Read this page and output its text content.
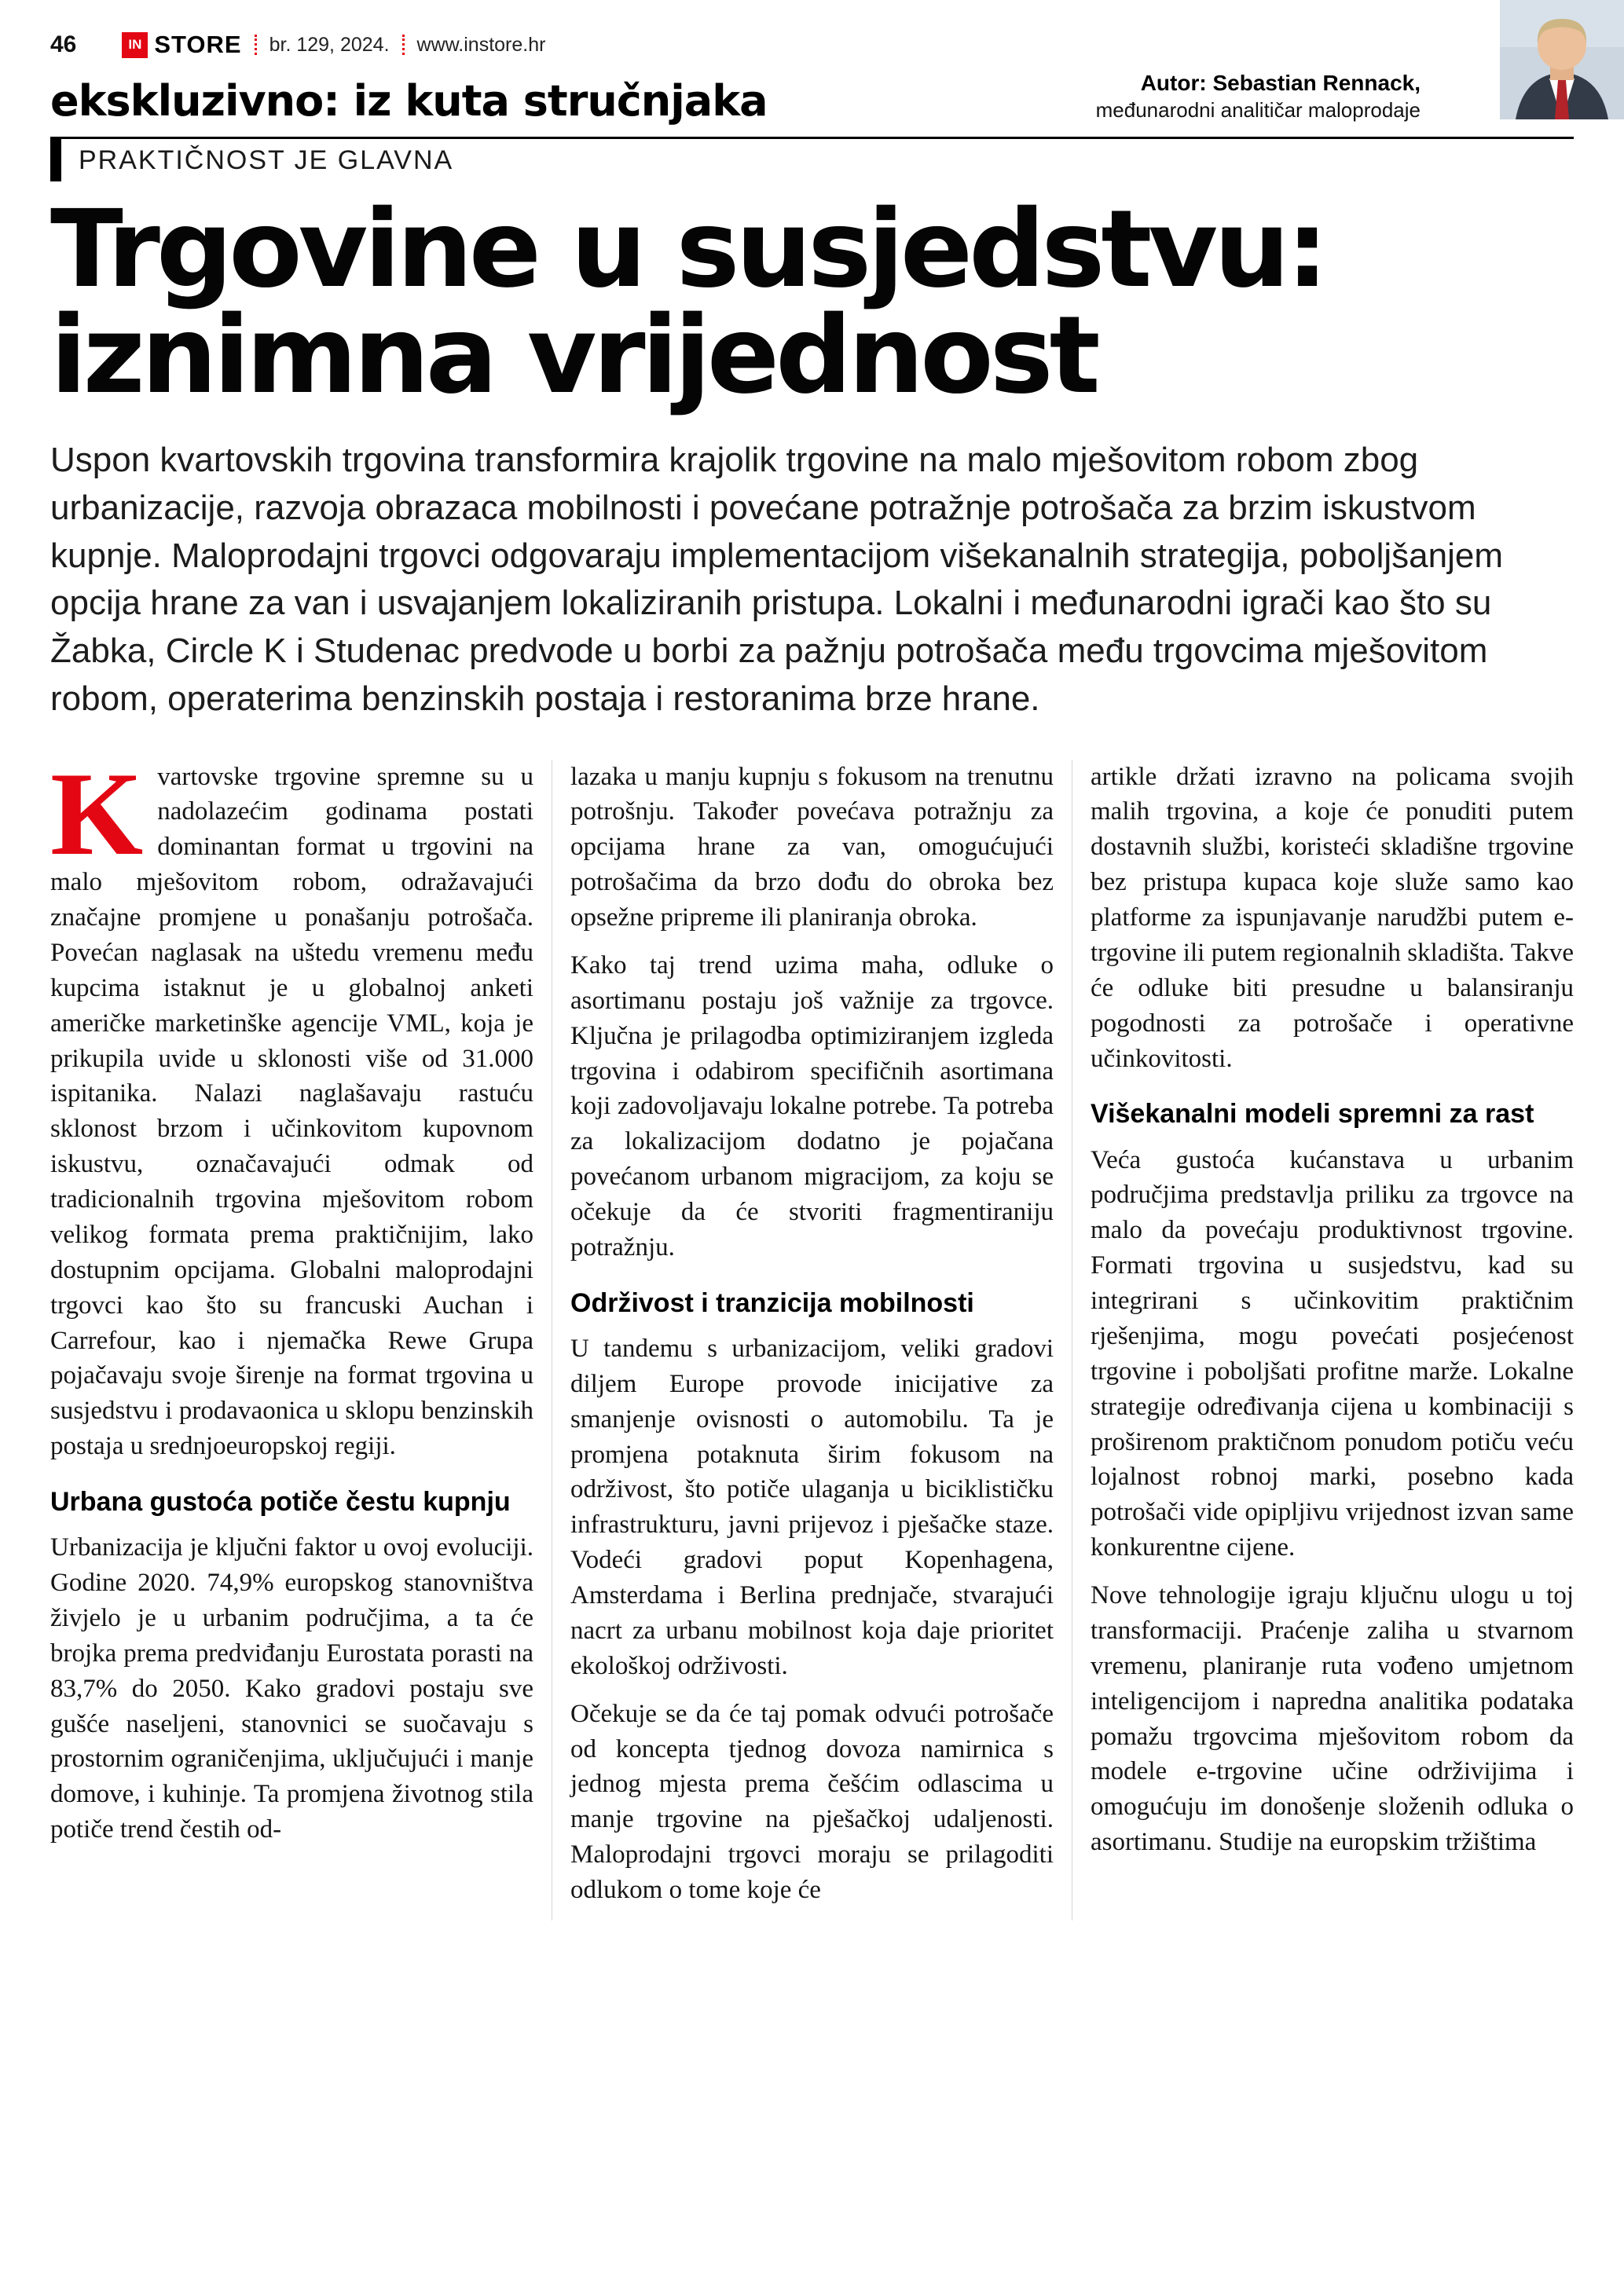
46	IN STORE br. 129, 2024. www.instore.hr
ekskluzivno: iz kuta stručnjaka	Autor: Sebastian Rennack,
međunarodni analitičar maloprodaje
PRAKTIČNOST JE GLAVNA
Trgovine u susjedstvu:
iznimna vrijednost

Uspon kvartovskih trgovina transformira krajolik trgovine na malo mješovitom robom zbog urbanizacije, razvoja obrazaca mobilnosti i povećane potražnje potrošača za brzim iskustvom kupnje. Maloprodajni trgovci odgovaraju implementacijom višekanalnih strategija, poboljšanjem opcija hrane za van i usvajanjem lokaliziranih pristupa. Lokalni i međunarodni igrači kao što su Žabka, Circle K i Studenac predvode u borbi za pažnju potrošača među trgovcima mješovitom robom, operaterima benzinskih postaja i restoranima brze hrane.

Kvartovske trgovine spremne su u nadolazećim godinama postati dominantan format u trgovini na malo mješovitom robom, odražavajući značajne promjene u ponašanju potrošača. Povećan naglasak na uštedu vremenu među kupcima istaknut je u globalnoj anketi američke marketinške agencije VML, koja je prikupila uvide u sklonosti više od 31.000 ispitanika. Nalazi naglašavaju rastuću sklonost brzom i učinkovitom kupovnom iskustvu, označavajući odmak od tradicionalnih trgovina mješovitom robom velikog formata prema praktičnijim, lako dostupnim opcijama. Globalni maloprodajni trgovci kao što su francuski Auchan i Carrefour, kao i njemačka Rewe Grupa pojačavaju svoje širenje na format trgovina u susjedstvu i prodavaonica u sklopu benzinskih postaja u srednjoeuropskoj regiji.

Urbana gustoća potiče čestu kupnju

Urbanizacija je ključni faktor u ovoj evoluciji. Godine 2020. 74,9% europskog stanovništva živjelo je u urbanim područjima, a ta će brojka prema predviđanju Eurostata porasti na 83,7% do 2050. Kako gradovi postaju sve gušće naseljeni, stanovnici se suočavaju s prostornim ograničenjima, uključujući i manje domove, i kuhinje. Ta promjena životnog stila potiče trend čestih od-

lazaka u manju kupnju s fokusom na trenutnu potrošnju. Također povećava potražnju za opcijama hrane za van, omogućujući potrošačima da brzo dođu do obroka bez opsežne pripreme ili planiranja obroka.

Kako taj trend uzima maha, odluke o asortimanu postaju još važnije za trgovce. Ključna je prilagodba optimiziranjem izgleda trgovina i odabirom specifičnih asortimana koji zadovoljavaju lokalne potrebe. Ta potreba za lokalizacijom dodatno je pojačana povećanom urbanom migracijom, za koju se očekuje da će stvoriti fragmentiraniju potražnju.

Održivost i tranzicija mobilnosti

U tandemu s urbanizacijom, veliki gradovi diljem Europe provode inicijative za smanjenje ovisnosti o automobilu. Ta je promjena potaknuta širim fokusom na održivost, što potiče ulaganja u biciklističku infrastrukturu, javni prijevoz i pješačke staze. Vodeći gradovi poput Kopenhagena, Amsterdama i Berlina prednjače, stvarajući nacrt za urbanu mobilnost koja daje prioritet ekološkoj održivosti.

Očekuje se da će taj pomak odvući potrošače od koncepta tjednog dovoza namirnica s jednog mjesta prema češćim odlascima u manje trgovine na pješačkoj udaljenosti. Maloprodajni trgovci moraju se prilagoditi odlukom o tome koje će

artikle držati izravno na policama svojih malih trgovina, a koje će ponuditi putem dostavnih službi, koristeći skladišne trgovine bez pristupa kupaca koje služe samo kao platforme za ispunjavanje narudžbi putem e-trgovine ili putem regionalnih skladišta. Takve će odluke biti presudne u balansiranju pogodnosti za potrošače i operativne učinkovitosti.

Višekanalni modeli spremni za rast

Veća gustoća kućanstava u urbanim područjima predstavlja priliku za trgovce na malo da povećaju produktivnost trgovine. Formati trgovina u susjedstvu, kad su integrirani s učinkovitim praktičnim rješenjima, mogu povećati posjećenost trgovine i poboljšati profitne marže. Lokalne strategije određivanja cijena u kombinaciji s proširenom praktičnom ponudom potiču veću lojalnost robnoj marki, posebno kada potrošači vide opipljivu vrijednost izvan same konkurentne cijene.

Nove tehnologije igraju ključnu ulogu u toj transformaciji. Praćenje zaliha u stvarnom vremenu, planiranje ruta vođeno umjetnom inteligencijom i napredna analitika podataka pomažu trgovcima mješovitom robom da modele e-trgovine učine održivijima i omogućuju im donošenje složenih odluka o asortimanu. Studije na europskim tržištima
